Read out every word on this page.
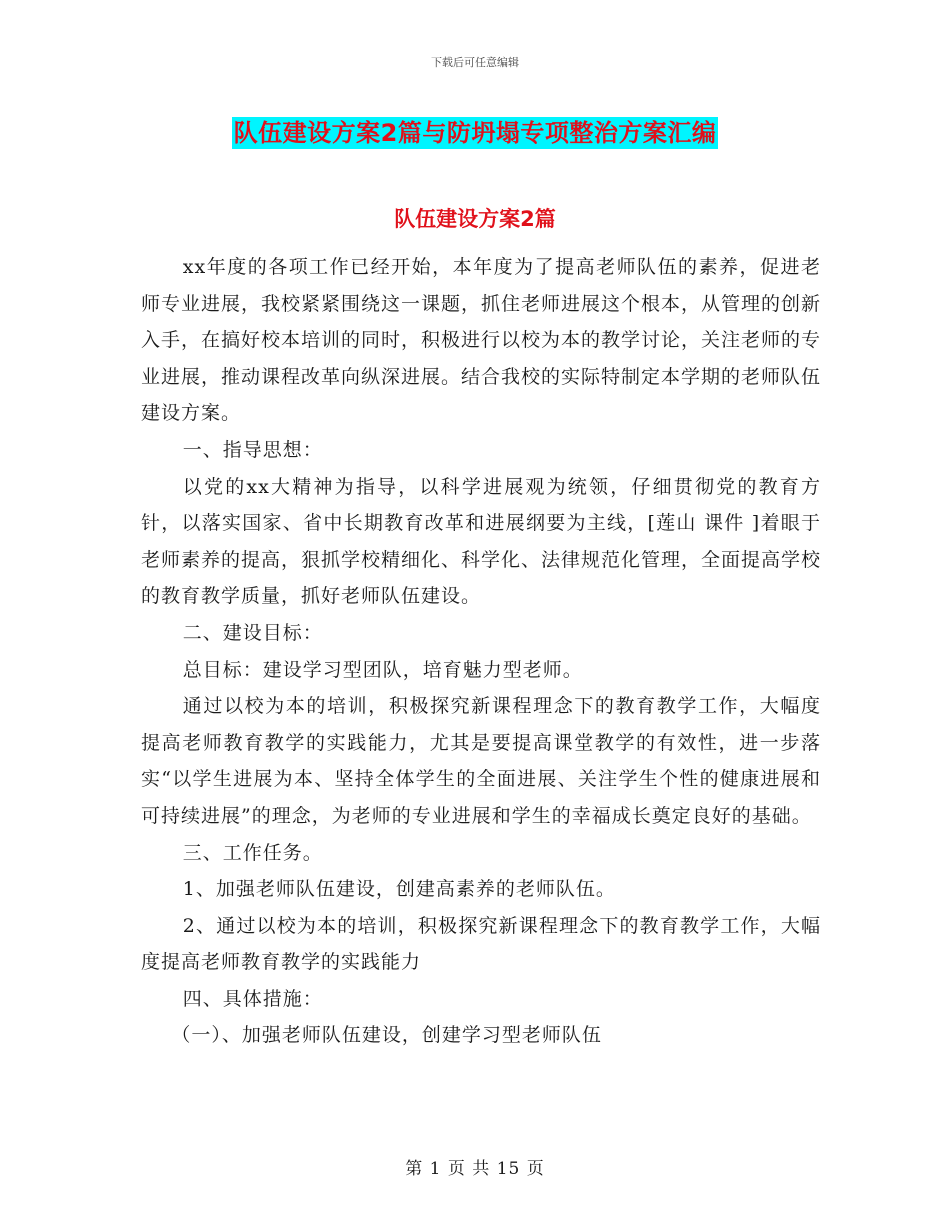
下载后可任意编辑
队伍建设方案2篇与防坍塌专项整治方案汇编
队伍建设方案2篇

xx年度的各项工作已经开始，本年度为了提高老师队伍的素养，促进老师专业进展，我校紧紧围绕这一课题，抓住老师进展这个根本，从管理的创新入手，在搞好校本培训的同时，积极进行以校为本的教学讨论，关注老师的专业进展，推动课程改革向纵深进展。结合我校的实际特制定本学期的老师队伍建设方案。

一、指导思想：

以党的xx大精神为指导，以科学进展观为统领，仔细贯彻党的教育方针，以落实国家、省中长期教育改革和进展纲要为主线，[莲山 课件 ]着眼于老师素养的提高，狠抓学校精细化、科学化、法律规范化管理，全面提高学校的教育教学质量，抓好老师队伍建设。

二、建设目标：

总目标：建设学习型团队，培育魅力型老师。

通过以校为本的培训，积极探究新课程理念下的教育教学工作，大幅度提高老师教育教学的实践能力，尤其是要提高课堂教学的有效性，进一步落实“以学生进展为本、坚持全体学生的全面进展、关注学生个性的健康进展和可持续进展”的理念，为老师的专业进展和学生的幸福成长奠定良好的基础。

三、工作任务。

1、加强老师队伍建设，创建高素养的老师队伍。

2、通过以校为本的培训，积极探究新课程理念下的教育教学工作，大幅度提高老师教育教学的实践能力

四、具体措施：

（一）、加强老师队伍建设，创建学习型老师队伍

第 1 页 共 15 页
